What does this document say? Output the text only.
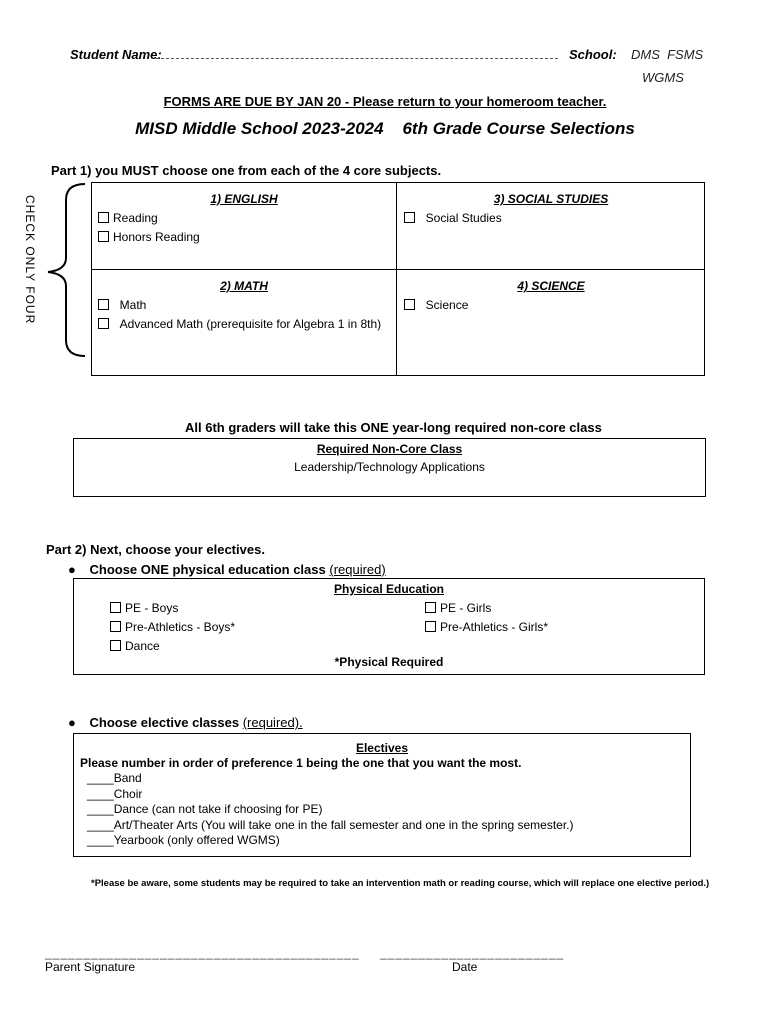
Student Name:	School: DMS  FSMS
WGMS
FORMS ARE DUE BY JAN 20 - Please return to your homeroom teacher.
MISD Middle School 2023-2024    6th Grade Course Selections
Part 1) you MUST choose one from each of the 4 core subjects.
CHECK ONLY FOUR	1) ENGLISH
Reading
Honors Reading
3) SOCIAL STUDIES
Social Studies
2) MATH
Math
Advanced Math (prerequisite for Algebra 1 in 8th)
4) SCIENCE
Science
All 6th graders will take this ONE year-long required non-core class
Required Non-Core Class
Leadership/Technology Applications
Part 2) Next, choose your electives.
● Choose ONE physical education class (required)
Physical Education
PE - Boys
Pre-Athletics - Boys*
Dance
PE - Girls
Pre-Athletics - Girls*
*Physical Required
● Choose elective classes (required).
Electives
Please number in order of preference 1 being the one that you want the most.
____Band
____Choir
____Dance (can not take if choosing for PE)
____Art/Theater Arts (You will take one in the fall semester and one in the spring semester.)
____Yearbook (only offered WGMS)
*Please be aware, some students may be required to take an intervention math or reading course, which will replace one elective period.)
_________________________________________
Parent Signature
________________________
Date
